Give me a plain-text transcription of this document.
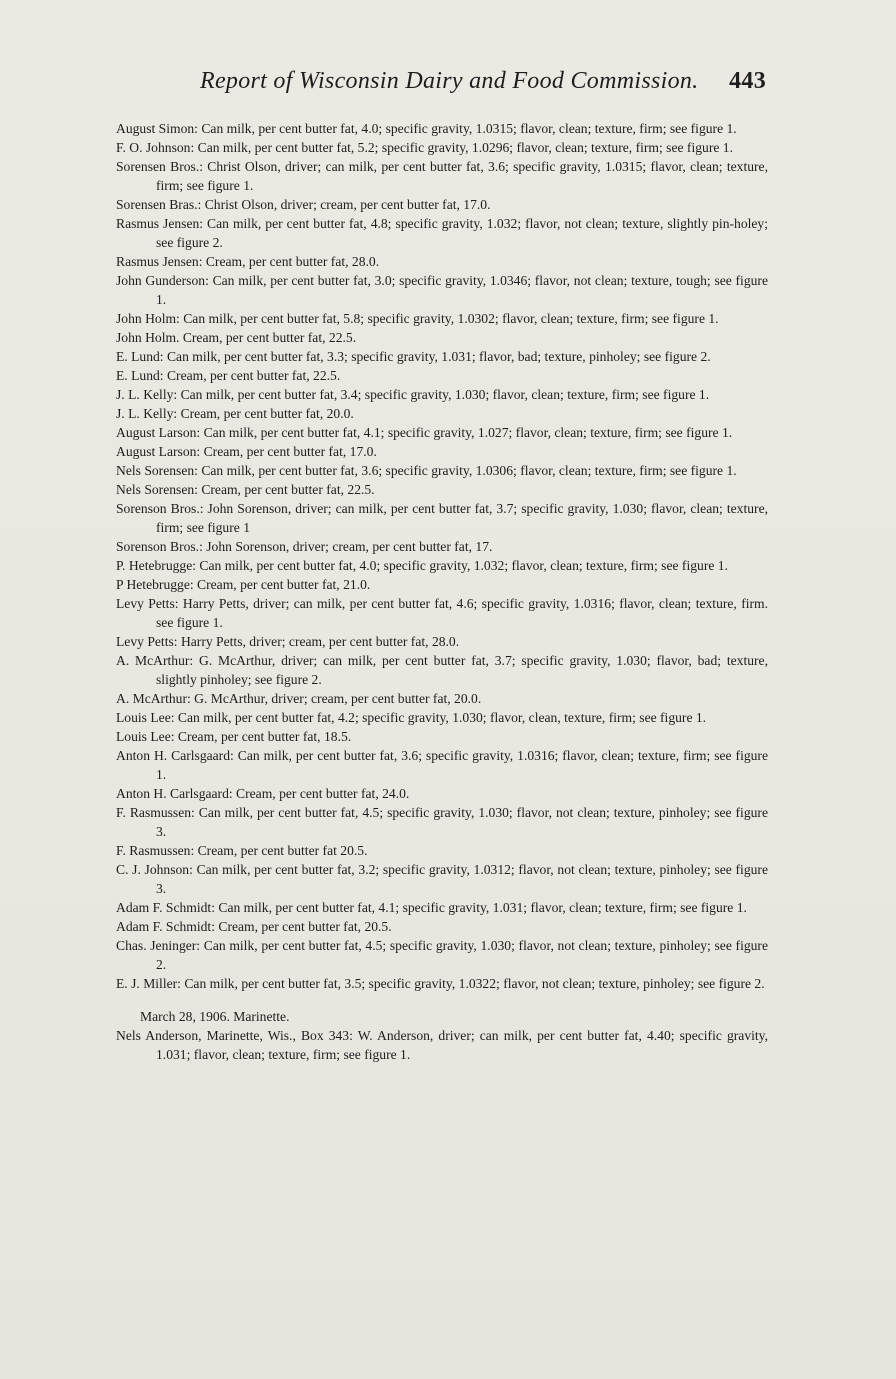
Report of Wisconsin Dairy and Food Commission. 443
August Simon: Can milk, per cent butter fat, 4.0; specific gravity, 1.0315; flavor, clean; texture, firm; see figure 1.
F. O. Johnson: Can milk, per cent butter fat, 5.2; specific gravity, 1.0296; flavor, clean; texture, firm; see figure 1.
Sorensen Bros.: Christ Olson, driver; can milk, per cent butter fat, 3.6; specific gravity, 1.0315; flavor, clean; texture, firm; see figure 1.
Sorensen Bras.: Christ Olson, driver; cream, per cent butter fat, 17.0.
Rasmus Jensen: Can milk, per cent butter fat, 4.8; specific gravity, 1.032; flavor, not clean; texture, slightly pin-holey; see figure 2.
Rasmus Jensen: Cream, per cent butter fat, 28.0.
John Gunderson: Can milk, per cent butter fat, 3.0; specific gravity, 1.0346; flavor, not clean; texture, tough; see figure 1.
John Holm: Can milk, per cent butter fat, 5.8; specific gravity, 1.0302; flavor, clean; texture, firm; see figure 1.
John Holm. Cream, per cent butter fat, 22.5.
E. Lund: Can milk, per cent butter fat, 3.3; specific gravity, 1.031; flavor, bad; texture, pinholey; see figure 2.
E. Lund: Cream, per cent butter fat, 22.5.
J. L. Kelly: Can milk, per cent butter fat, 3.4; specific gravity, 1.030; flavor, clean; texture, firm; see figure 1.
J. L. Kelly: Cream, per cent butter fat, 20.0.
August Larson: Can milk, per cent butter fat, 4.1; specific gravity, 1.027; flavor, clean; texture, firm; see figure 1.
August Larson: Cream, per cent butter fat, 17.0.
Nels Sorensen: Can milk, per cent butter fat, 3.6; specific gravity, 1.0306; flavor, clean; texture, firm; see figure 1.
Nels Sorensen: Cream, per cent butter fat, 22.5.
Sorenson Bros.: John Sorenson, driver; can milk, per cent butter fat, 3.7; specific gravity, 1.030; flavor, clean; texture, firm; see figure 1
Sorenson Bros.: John Sorenson, driver; cream, per cent butter fat, 17.
P. Hetebrugge: Can milk, per cent butter fat, 4.0; specific gravity, 1.032; flavor, clean; texture, firm; see figure 1.
P Hetebrugge: Cream, per cent butter fat, 21.0.
Levy Petts: Harry Petts, driver; can milk, per cent butter fat, 4.6; specific gravity, 1.0316; flavor, clean; texture, firm. see figure 1.
Levy Petts: Harry Petts, driver; cream, per cent butter fat, 28.0.
A. McArthur: G. McArthur, driver; can milk, per cent butter fat, 3.7; specific gravity, 1.030; flavor, bad; texture, slightly pinholey; see figure 2.
A. McArthur: G. McArthur, driver; cream, per cent butter fat, 20.0.
Louis Lee: Can milk, per cent butter fat, 4.2; specific gravity, 1.030; flavor, clean, texture, firm; see figure 1.
Louis Lee: Cream, per cent butter fat, 18.5.
Anton H. Carlsgaard: Can milk, per cent butter fat, 3.6; specific gravity, 1.0316; flavor, clean; texture, firm; see figure 1.
Anton H. Carlsgaard: Cream, per cent butter fat, 24.0.
F. Rasmussen: Can milk, per cent butter fat, 4.5; specific gravity, 1.030; flavor, not clean; texture, pinholey; see figure 3.
F. Rasmussen: Cream, per cent butter fat 20.5.
C. J. Johnson: Can milk, per cent butter fat, 3.2; specific gravity, 1.0312; flavor, not clean; texture, pinholey; see figure 3.
Adam F. Schmidt: Can milk, per cent butter fat, 4.1; specific gravity, 1.031; flavor, clean; texture, firm; see figure 1.
Adam F. Schmidt: Cream, per cent butter fat, 20.5.
Chas. Jeninger: Can milk, per cent butter fat, 4.5; specific gravity, 1.030; flavor, not clean; texture, pinholey; see figure 2.
E. J. Miller: Can milk, per cent butter fat, 3.5; specific gravity, 1.0322; flavor, not clean; texture, pinholey; see figure 2.
March 28, 1906. Marinette.
Nels Anderson, Marinette, Wis., Box 343: W. Anderson, driver; can milk, per cent butter fat, 4.40; specific gravity, 1.031; flavor, clean; texture, firm; see figure 1.
